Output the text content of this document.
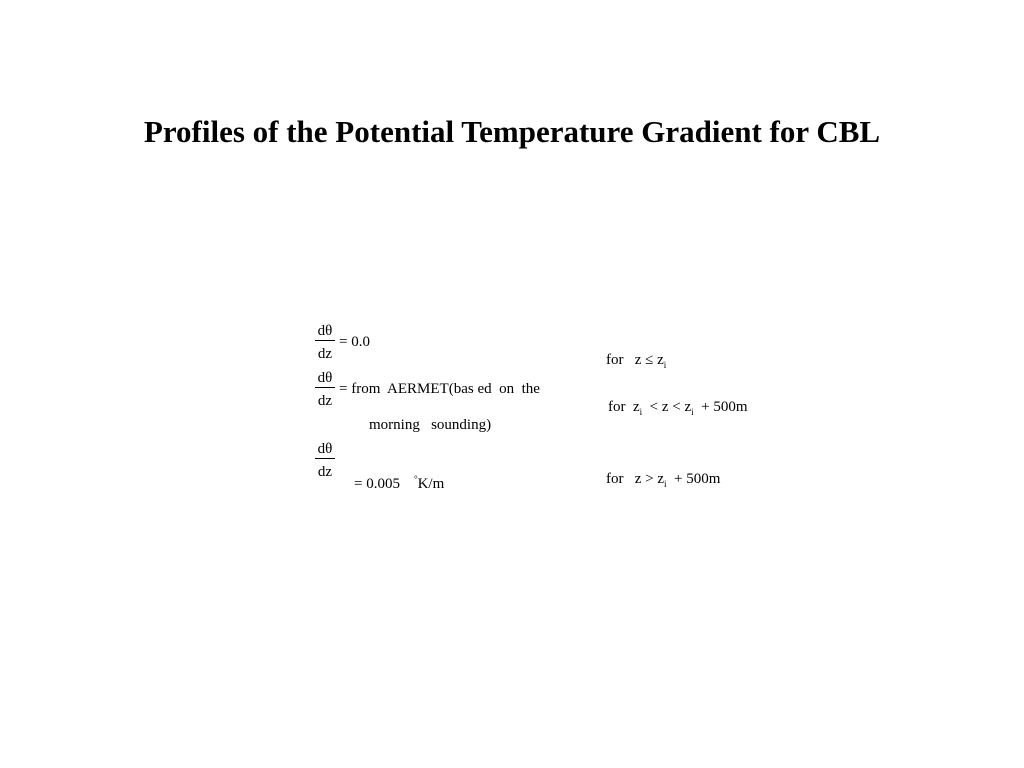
Profiles of the Potential Temperature Gradient for CBL
$\frac{d\theta}{dz} = 0.0$

for   $z \le z_i$

$\frac{d\theta}{dz}$ = from  AERMET(bas ed  on  the

for  $z_i < z < z_i + 500m$

morning   sounding)
$\frac{d\theta}{dz}$

= 0.005 °K/m
	for   $z > z_i + 500m$
